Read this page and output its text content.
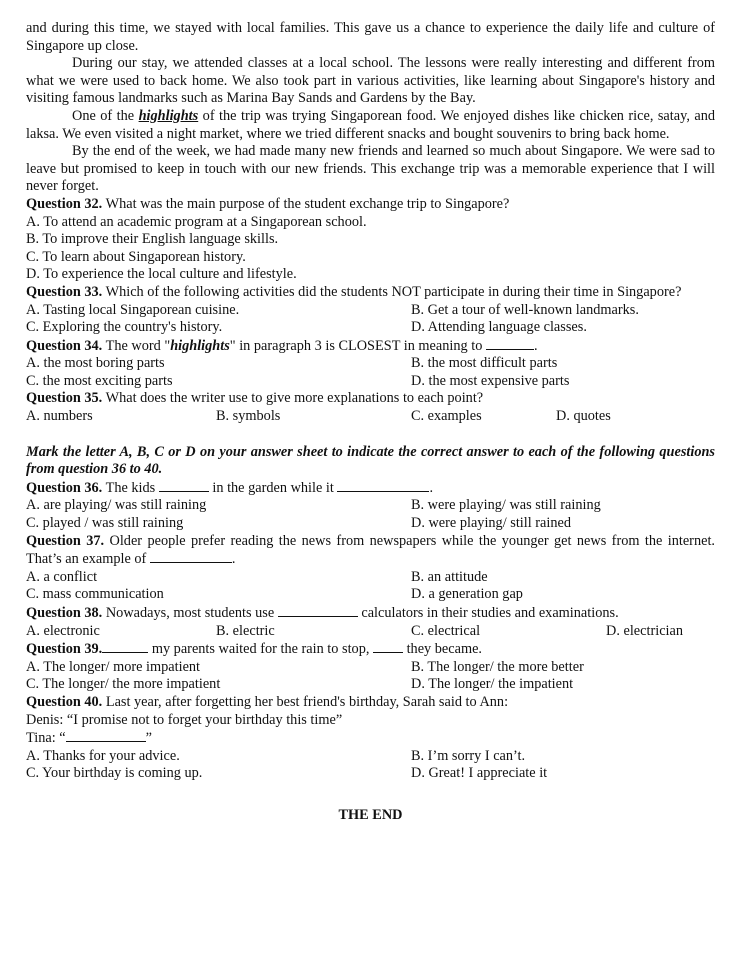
and during this time, we stayed with local families. This gave us a chance to experience the daily life and culture of Singapore up close.

During our stay, we attended classes at a local school. The lessons were really interesting and different from what we were used to back home. We also took part in various activities, like learning about Singapore's history and visiting famous landmarks such as Marina Bay Sands and Gardens by the Bay.

One of the highlights of the trip was trying Singaporean food. We enjoyed dishes like chicken rice, satay, and laksa. We even visited a night market, where we tried different snacks and bought souvenirs to bring back home.

By the end of the week, we had made many new friends and learned so much about Singapore. We were sad to leave but promised to keep in touch with our new friends. This exchange trip was a memorable experience that I will never forget.

Question 32. What was the main purpose of the student exchange trip to Singapore?

A. To attend an academic program at a Singaporean school.
B. To improve their English language skills.
C. To learn about Singaporean history.
D. To experience the local culture and lifestyle.

Question 33. Which of the following activities did the students NOT participate in during their time in Singapore?

A. Tasting local Singaporean cuisine.	B. Get a tour of well-known landmarks.
C. Exploring the country's history.	D. Attending language classes.

Question 34. The word "highlights" in paragraph 3 is CLOSEST in meaning to	.

A. the most boring parts	B. the most difficult parts
C. the most exciting parts	D. the most expensive parts

Question 35. What does the writer use to give more explanations to each point?

A. numbers	B. symbols	C. examples	D. quotes

Mark the letter A, B, C or D on your answer sheet to indicate the correct answer to each of the following questions from question 36 to 40.

Question 36. The kids	in the garden while it	.

A. are playing/ was still raining	B. were playing/ was still raining
C. played / was still raining	D. were playing/ still rained

Question 37. Older people prefer reading the news from newspapers while the younger get news from the internet. That’s an example of	.

A. a conflict	B. an attitude
C. mass communication	D. a generation gap

Question 38. Nowadays, most students use	calculators in their studies and examinations.

A. electronic	B. electric	C. electrical	D. electrician

Question 39.	my parents waited for the rain to stop,  they became.

A. The longer/ more impatient	B. The longer/ the more better
C. The longer/ the more impatient	D. The longer/ the impatient

Question 40. Last year, after forgetting her best friend's birthday, Sarah said to Ann:

Denis: “I promise not to forget your birthday this time”
Tina: “	”
A. Thanks for your advice.	B. I’m sorry I can’t.
C. Your birthday is coming up.	D. Great! I appreciate it
THE END
